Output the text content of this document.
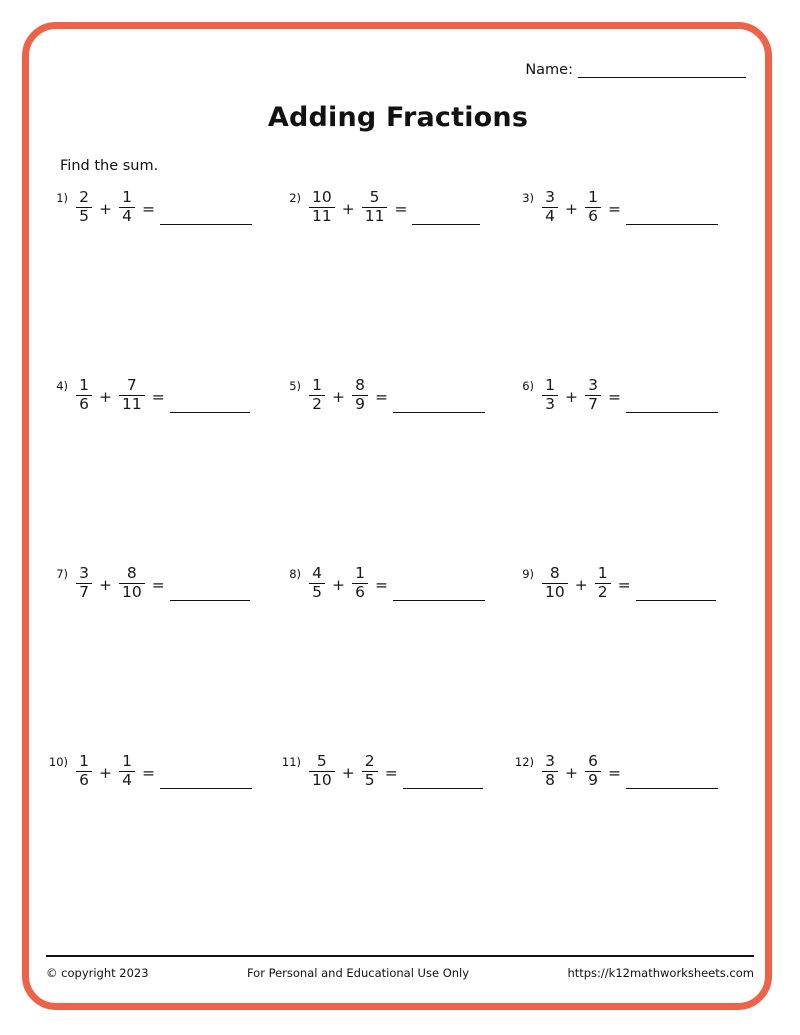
Name:
Adding Fractions
Find the sum.
$1) \frac{2}{5} + \frac{1}{4}$ =
$2) \frac{10}{11} + \frac{5}{11}$ =
$3) \frac{3}{4} + \frac{1}{6}$ =
$4) \frac{1}{6} + \frac{7}{11}$ =
$5) \frac{1}{2} + \frac{8}{9}$ =
$6) \frac{1}{3} + \frac{3}{7}$ =
$7) \frac{3}{7} + \frac{8}{10}$ =
$8) \frac{4}{5} + \frac{1}{6}$ =
$9) \frac{8}{10} + \frac{1}{2}$ =
$10) \frac{1}{6} + \frac{1}{4}$ =
$11) \frac{5}{10} + \frac{2}{5}$ =
$12) \frac{3}{8} + \frac{6}{9}$ =
© copyright 2023	For Personal and Educational Use Only	https://k12mathworksheets.com
